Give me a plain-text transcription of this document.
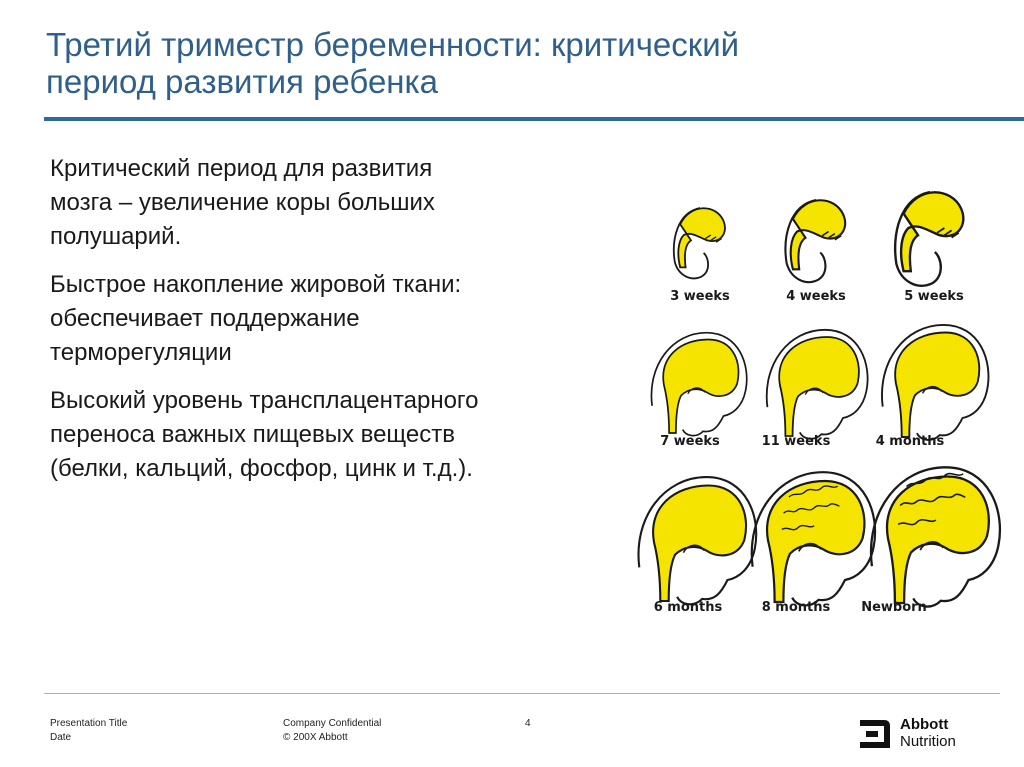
Третий триместр беременности: критический
период развития ребенка

Критический период для развития
мозга – увеличение коры больших
полушарий.

Быстрое накопление жировой ткани:
обеспечивает поддержание
терморегуляции

Высокий уровень трансплацентарного
переноса важных пищевых веществ
(белки, кальций, фосфор, цинк и т.д.).

3 weeks	4 weeks	5 weeks
7 weeks	11 weeks	4 months
6 months	8 months Newborn
Presentation Title
Date
Company Confidential
© 200X Abbott
4	Abbott
Nutrition
